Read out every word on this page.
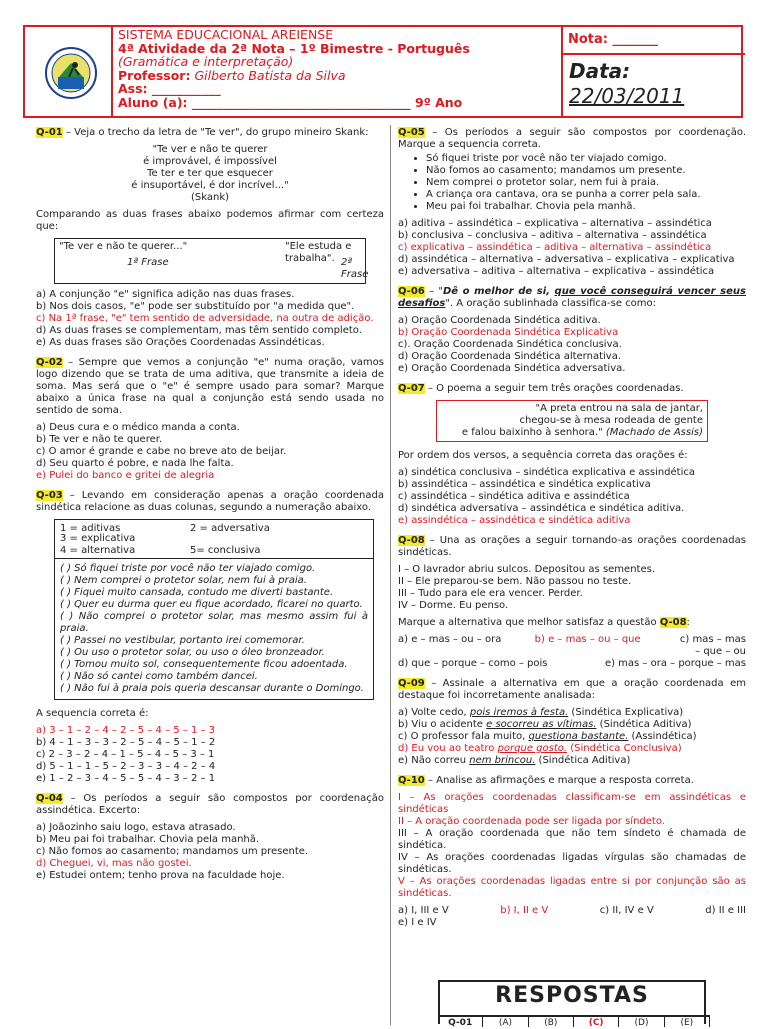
SISTEMA EDUCACIONAL AREIENSE
4ª Atividade da 2ª Nota – 1º Bimestre - Português
(Gramática e interpretação)
Professor: Gilberto Batista da Silva
Ass: ___________
Aluno (a): ___________________________________ 9º Ano
Nota: _______
Data:
22/03/2011

Q-01 – Veja o trecho da letra de "Te ver", do grupo mineiro Skank:

"Te ver e não te querer
é improvável, é impossível
Te ter e ter que esquecer
é insuportável, é dor incrível..."
(Skank)

Comparando as duas frases abaixo podemos afirmar com certeza que:

"Te ver e não te querer..."	"Ele estuda e trabalha".
1ª Frase	2ª Frase

a) A conjunção "e" significa adição nas duas frases.

b) Nos dois casos, "e" pode ser substituído por "a medida que".

c) Na 1ª frase, "e" tem sentido de adversidade, na outra de adição.

d) As duas frases se complementam, mas têm sentido completo.

e) As duas frases são Orações Coordenadas Assindéticas.

Q-02 – Sempre que vemos a conjunção "e" numa oração, vamos logo dizendo que se trata de uma aditiva, que transmite a ideia de soma. Mas será que o "e" é sempre usado para somar? Marque abaixo a única frase na qual a conjunção está sendo usada no sentido de soma.

a) Deus cura e o médico manda a conta.

b) Te ver e não te querer.

c) O amor é grande e cabe no breve ato de beijar.

d) Seu quarto é pobre, e nada lhe falta.

e) Pulei do banco e gritei de alegria

Q-03 – Levando em consideração apenas a oração coordenada sindética relacione as duas colunas, segundo a numeração abaixo.

1 = aditivas	2 = adversativa
3 = explicativa
4 = alternativa	5= conclusiva
( ) Só fiquei triste por você não ter viajado comigo.
( ) Nem comprei o protetor solar, nem fui à praia.
( ) Fiquei muito cansada, contudo me diverti bastante.
( ) Quer eu durma quer eu fique acordado, ficarei no quarto.
( ) Não comprei o protetor solar, mas mesmo assim fui à praia.
( ) Passei no vestibular, portanto irei comemorar.
( ) Ou uso o protetor solar, ou uso o óleo bronzeador.
( ) Tomou muito sol, consequentemente ficou adoentada.
( ) Não só cantei como também dancei.
( ) Não fui à praia pois queria descansar durante o Domingo.

A sequencia correta é:

a) 3 – 1 – 2 – 4 – 2 – 5 – 4 – 5 – 1 – 3

b) 4 – 1 – 3 – 3 – 2 – 5 – 4 – 5 – 1 – 2

c) 2 – 3 – 2 – 4 – 1 – 5 – 4 – 5 – 3 – 1

d) 5 – 1 – 1 – 5 – 2 – 3 – 3 – 4 – 2 – 4

e) 1 – 2 – 3 – 4 – 5 – 5 – 4 – 3 – 2 – 1

Q-04 – Os períodos a seguir são compostos por coordenação assindética. Excerto:

a) Joãozinho saiu logo, estava atrasado.

b) Meu pai foi trabalhar. Chovia pela manhã.

c) Não fomos ao casamento; mandamos um presente.

d) Cheguei, vi, mas não gostei.

e) Estudei ontem; tenho prova na faculdade hoje.

Q-05 – Os períodos a seguir são compostos por coordenação. Marque a sequencia correta.

• Só fiquei triste por você não ter viajado comigo.
• Não fomos ao casamento; mandamos um presente.
• Nem comprei o protetor solar, nem fui à praia.
• A criança ora cantava, ora se punha a correr pela sala.
• Meu pai foi trabalhar. Chovia pela manhã.

a) aditiva – assindética – explicativa – alternativa – assindética

b) conclusiva – conclusiva – aditiva – alternativa – assindética

c) explicativa – assindética – aditiva – alternativa – assindética

d) assindética – alternativa – adversativa – explicativa – explicativa

e) adversativa – aditiva – alternativa – explicativa – assindética

Q-06 – "Dê o melhor de si, que você conseguirá vencer seus desafios". A oração sublinhada classifica-se como:

a) Oração Coordenada Sindética aditiva.

b) Oração Coordenada Sindética Explicativa

c). Oração Coordenada Sindética conclusiva.

d) Oração Coordenada Sindética alternativa.

e) Oração Coordenada Sindética adversativa.

Q-07 – O poema a seguir tem três orações coordenadas.

"A preta entrou na sala de jantar,
chegou-se à mesa rodeada de gente
e falou baixinho à senhora." (Machado de Assis)

Por ordem dos versos, a sequência correta das orações é:

a) sindética conclusiva – sindética explicativa e assindética

b) assindética – assindética e sindética explicativa

c) assindética – sindética aditiva e assindética

d) sindética adversativa – assindética e sindética aditiva.

e) assindética – assindética e sindética aditiva

Q-08 – Una as orações a seguir tornando-as orações coordenadas sindéticas.

I – O lavrador abriu sulcos. Depositou as sementes.

II – Ele preparou-se bem. Não passou no teste.

III – Tudo para ele era vencer. Perder.

IV – Dorme. Eu penso.

Marque a alternativa que melhor satisfaz a questão Q-08:

a) e – mas – ou – ora	b) e – mas – ou – que	c) mas – mas – que – ou
d) que – porque – como – pois	e) mas – ora – porque – mas

Q-09 – Assinale a alternativa em que a oração coordenada em destaque foi incorretamente analisada:

a) Volte cedo, pois iremos à festa. (Sindética Explicativa)

b) Viu o acidente e socorreu as vítimas. (Sindética Aditiva)

c) O professor fala muito, questiona bastante. (Assindética)

d) Eu vou ao teatro porque gosto. (Sindética Conclusiva)

e) Não correu nem brincou. (Sindética Aditiva)

Q-10 – Analise as afirmações e marque a resposta correta.

I – As orações coordenadas classificam-se em assindéticas e sindéticas

II – A oração coordenada pode ser ligada por síndeto.

III – A oração coordenada que não tem síndeto é chamada de sindética.

IV – As orações coordenadas ligadas vírgulas são chamadas de sindéticas.

V – As orações coordenadas ligadas entre si por conjunção são as sindéticas.

a) I, III e V	b) I, II e V	c) II, IV e V	d) II e III

e) I e IV

RESPOSTAS
Q-01	(A)	(B)	(C)	(D)	(E)
